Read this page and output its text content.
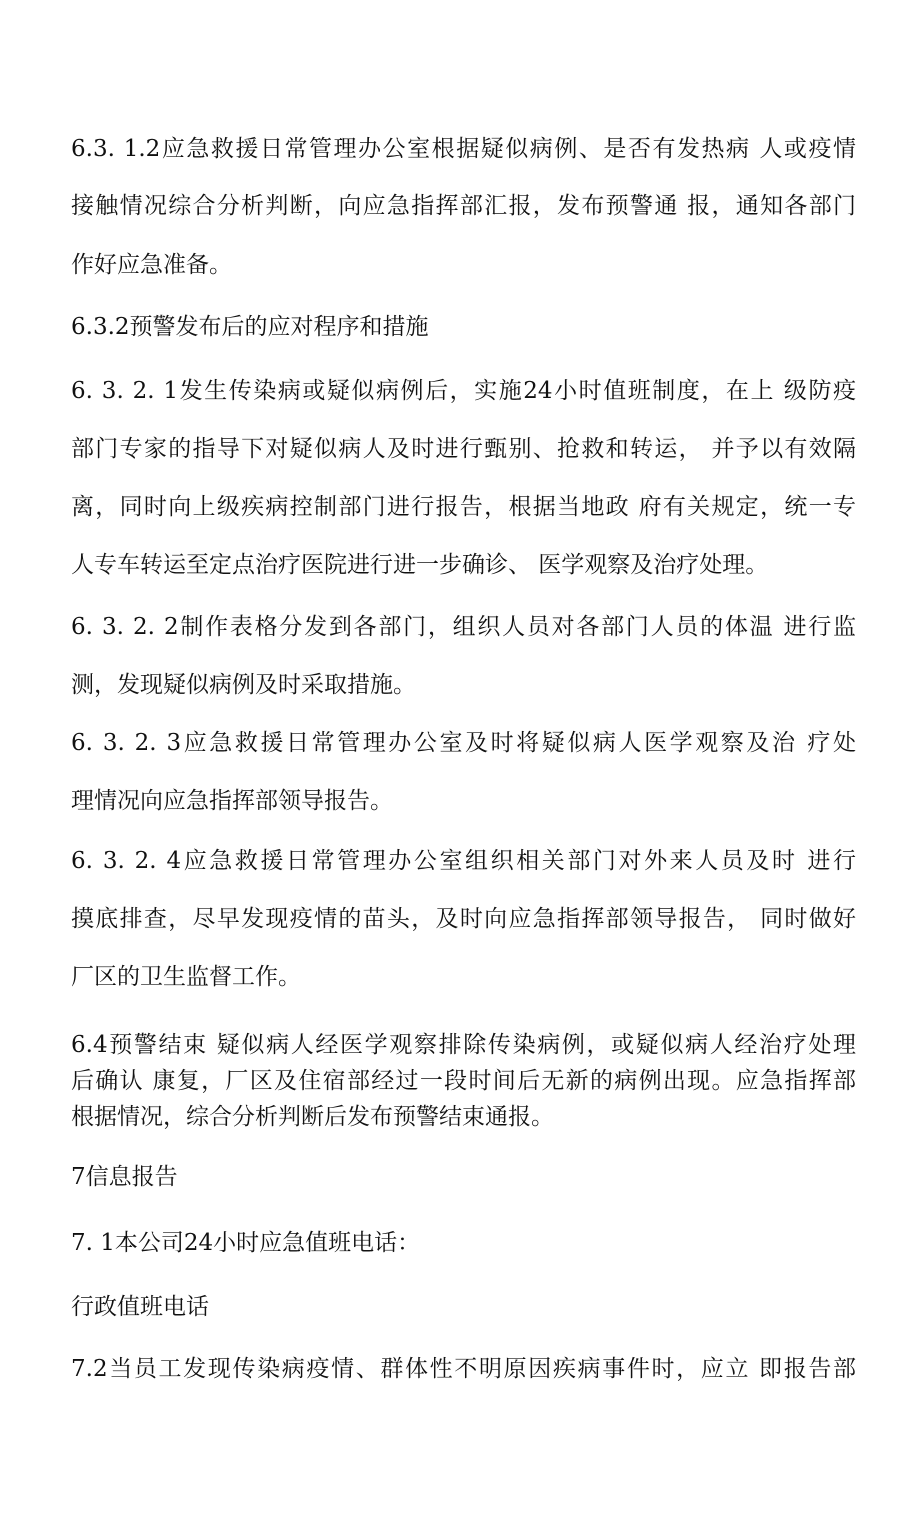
6.3. 1.2应急救援日常管理办公室根据疑似病例、是否有发热病 人或疫情
接触情况综合分析判断，向应急指挥部汇报，发布预警通 报，通知各部门
作好应急准备。
6.3.2预警发布后的应对程序和措施
6. 3. 2. 1发生传染病或疑似病例后，实施24小时值班制度，在上 级防疫
部门专家的指导下对疑似病人及时进行甄别、抢救和转运， 并予以有效隔
离，同时向上级疾病控制部门进行报告，根据当地政 府有关规定，统一专
人专车转运至定点治疗医院进行进一步确诊、 医学观察及治疗处理。
6. 3. 2. 2制作表格分发到各部门，组织人员对各部门人员的体温 进行监
测，发现疑似病例及时采取措施。
6. 3. 2. 3应急救援日常管理办公室及时将疑似病人医学观察及治 疗处
理情况向应急指挥部领导报告。
6. 3. 2. 4应急救援日常管理办公室组织相关部门对外来人员及时 进行
摸底排查，尽早发现疫情的苗头，及时向应急指挥部领导报告， 同时做好
厂区的卫生监督工作。
6.4预警结束 疑似病人经医学观察排除传染病例，或疑似病人经治疗处理
后确认 康复，厂区及住宿部经过一段时间后无新的病例出现。应急指挥部
根据情况，综合分析判断后发布预警结束通报。
7信息报告
7. 1本公司24小时应急值班电话：
行政值班电话
7.2当员工发现传染病疫情、群体性不明原因疾病事件时，应立 即报告部
